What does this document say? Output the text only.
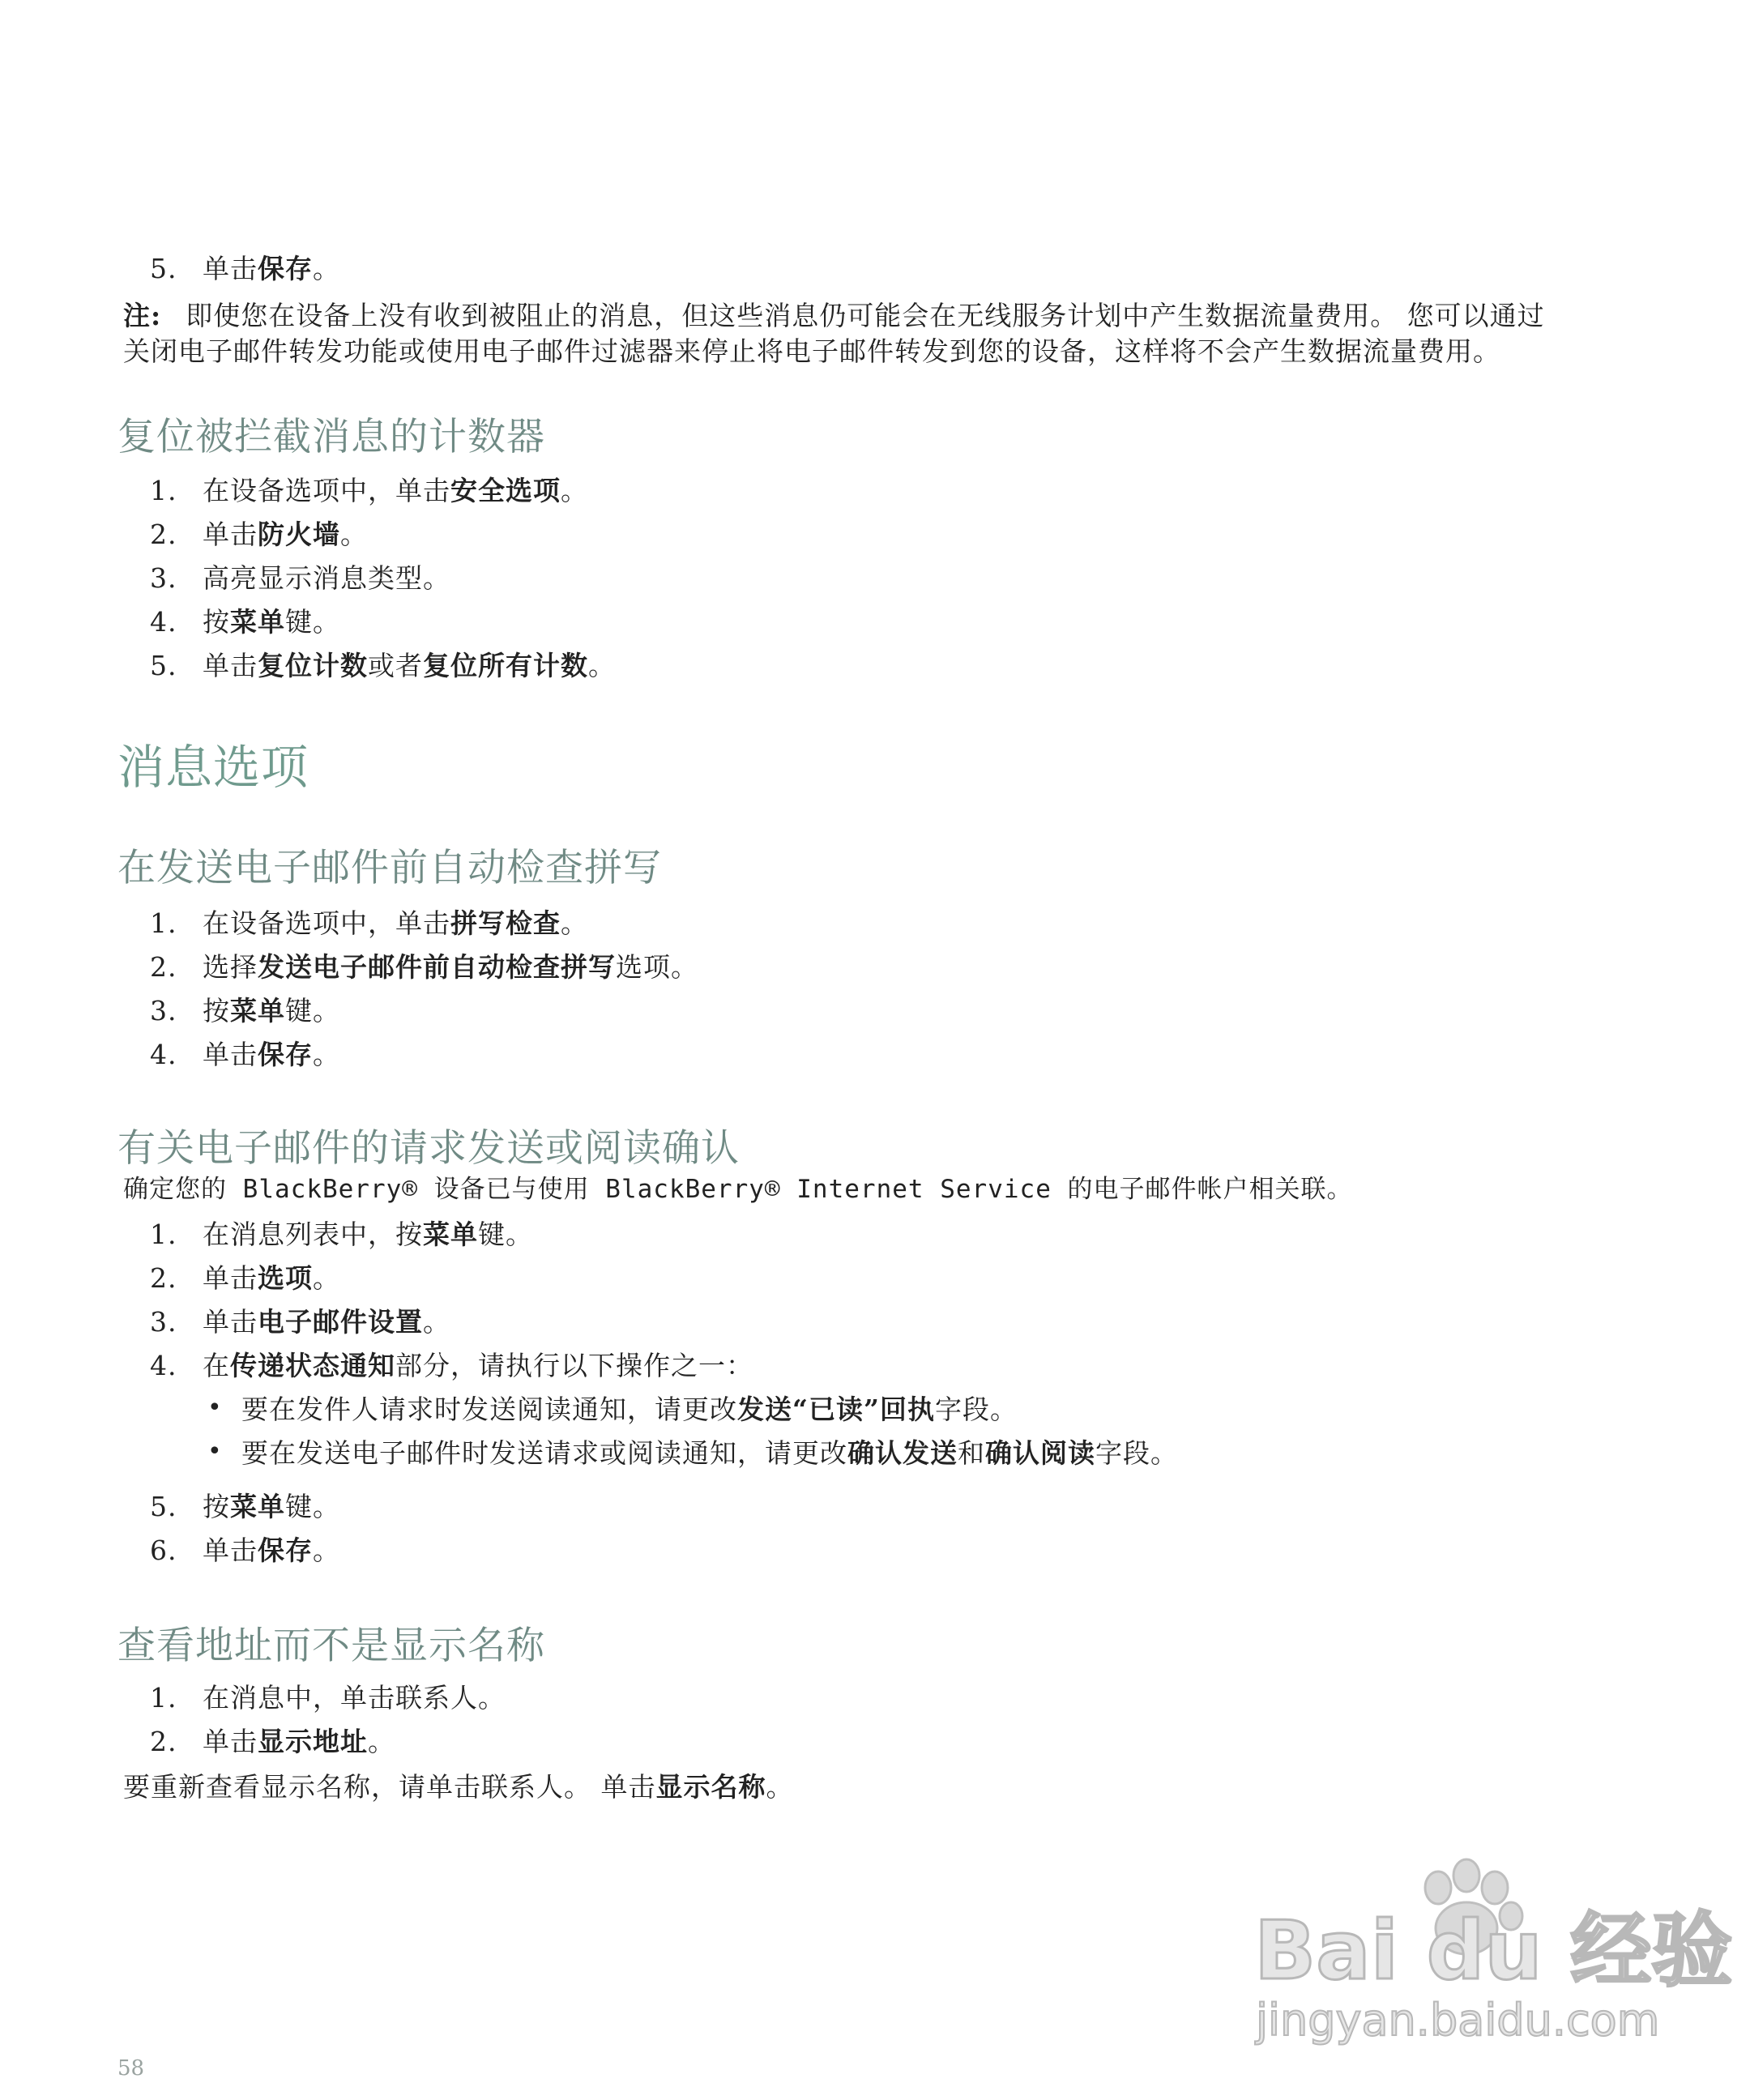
5. 单击保存。
注: 即使您在设备上没有收到被阻止的消息，但这些消息仍可能会在无线服务计划中产生数据流量费用。 您可以通过
关闭电子邮件转发功能或使用电子邮件过滤器来停止将电子邮件转发到您的设备，这样将不会产生数据流量费用。
复位被拦截消息的计数器
1. 在设备选项中，单击安全选项。
2. 单击防火墙。
3. 高亮显示消息类型。
4. 按菜单键。
5. 单击复位计数或者复位所有计数。
消息选项
在发送电子邮件前自动检查拼写
1. 在设备选项中，单击拼写检查。
2. 选择发送电子邮件前自动检查拼写选项。
3. 按菜单键。
4. 单击保存。
有关电子邮件的请求发送或阅读确认
确定您的 BlackBerry® 设备已与使用 BlackBerry® Internet Service 的电子邮件帐户相关联。
1. 在消息列表中，按菜单键。
2. 单击选项。
3. 单击电子邮件设置。
4. 在传递状态通知部分，请执行以下操作之一：
• 要在发件人请求时发送阅读通知，请更改发送“已读”回执字段。
• 要在发送电子邮件时发送请求或阅读通知，请更改确认发送和确认阅读字段。
5. 按菜单键。
6. 单击保存。
查看地址而不是显示名称
1. 在消息中，单击联系人。
2. 单击显示地址。
要重新查看显示名称，请单击联系人。 单击显示名称。
58
Bai du 经验
jingyan.baidu.com
